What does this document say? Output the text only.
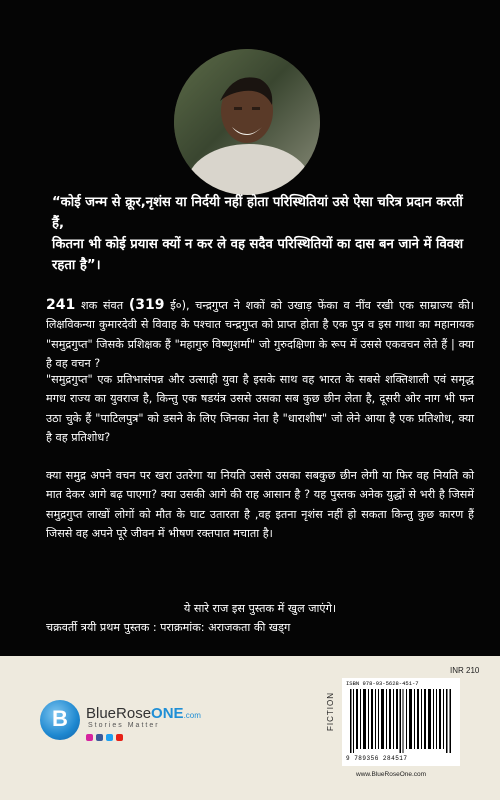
“कोई जन्म से क्रूर,नृशंस या निर्दयी नहीं होता परिस्थितियां उसे ऐसा चरित्र प्रदान करतीं हैं,

कितना भी कोई प्रयास क्यों न कर ले वह सदैव परिस्थितियों का दास बन जाने में विवश रहता है”।

241 शक संवत (319 ई०), चन्द्रगुप्त ने शकों को उखाड़ फेंका व नींव रखी एक साम्राज्य की। लिक्षविकन्या कुमारदेवी से विवाह के पश्चात चन्द्रगुप्त को प्राप्त होता है एक पुत्र व इस गाथा का महानायक "समुद्रगुप्त" जिसके प्रशिक्षक हैं "महागुरु विष्णुशर्मा" जो गुरुदक्षिणा के रूप में उससे एकवचन लेते हैं | क्या है वह वचन ?

"समुद्रगुप्त" एक प्रतिभासंपन्न और उत्साही युवा है इसके साथ वह भारत के सबसे शक्तिशाली एवं समृद्ध मगध राज्य का युवराज है, किन्तु एक षडयंत्र उससे उसका सब कुछ छीन लेता है, दूसरी ओर नाग भी फन उठा चुके हैं "पाटिलपुत्र" को डसने के लिए जिनका नेता है "धाराशीष" जो लेने आया है एक प्रतिशोध, क्या है वह प्रतिशोध?

क्या समुद्र अपने वचन पर खरा उतरेगा या नियति उससे उसका सबकुछ छीन लेगी या फिर वह नियति को मात देकर आगे बढ़ पाएगा? क्या उसकी आगे की राह आसान है ? यह पुस्तक अनेक युद्धों से भरी है जिसमें समुद्रगुप्त लाखों लोगों को मौत के घाट उतारता है ,वह इतना नृशंस नहीं हो सकता किन्तु कुछ कारण हैं जिससे वह अपने पूरे जीवन में भीषण रक्तपात मचाता है।

ये सारे राज इस पुस्तक में खुल जाएंगे।

चक्रवर्ती त्रयी प्रथम पुस्तक : पराक्रमांक: अराजकता की खड्ग

B BlueRoseONE.com
Stories Matter
INR 210
FICTION
ISBN 978-93-5628-451-7
9 789356 284517
www.BlueRoseOne.com
